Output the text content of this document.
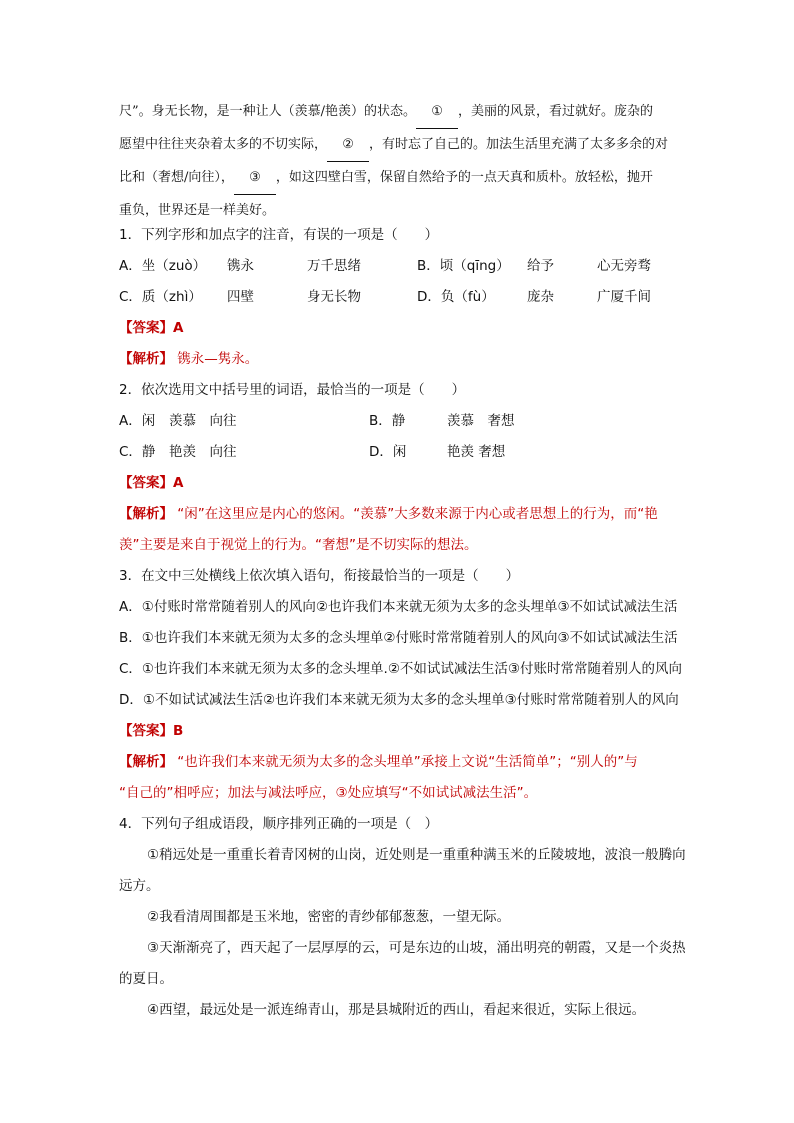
尺”。身无长物，是一种让人（羡慕/艳羡）的状态。 ① ，美丽的风景，看过就好。庞杂的

愿望中往往夹杂着太多的不切实际， ② ，有时忘了自己的。加法生活里充满了太多多余的对

比和（奢想/向往）， ③ ，如这四壁白雪，保留自然给予的一点天真和质朴。放轻松，抛开

重负，世界还是一样美好。

1．下列字形和加点字的注音，有误的一项是（　　）
A．坐（zuò）	镌永	万千思绪	B．顷（qīng）	给予	心无旁骛
C．质（zhì）	四壁	身无长物	D．负（fù）	庞杂	广厦千间
【答案】A
【解析】 镌永—隽永。
2．依次选用文中括号里的词语，最恰当的一项是（　　）
A．闲	羡慕　向往	B．静	羡慕　奢想
C．静	艳羡　向往	D．闲	艳羡 奢想
【答案】A
【解析】 “闲”在这里应是内心的悠闲。“羡慕”大多数来源于内心或者思想上的行为，而“艳
羡”主要是来自于视觉上的行为。“奢想”是不切实际的想法。
3．在文中三处横线上依次填入语句，衔接最恰当的一项是（　　）
A．①付账时常常随着别人的风向②也许我们本来就无须为太多的念头埋单③不如试试减法生活
B．①也许我们本来就无须为太多的念头埋单②付账时常常随着别人的风向③不如试试减法生活
C．①也许我们本来就无须为太多的念头埋单.②不如试试减法生活③付账时常常随着别人的风向
D．①不如试试减法生活②也许我们本来就无须为太多的念头埋单③付账时常常随着别人的风向
【答案】B
【解析】 “也许我们本来就无须为太多的念头埋单”承接上文说“生活简单”；“别人的”与
“自己的”相呼应；加法与减法呼应，③处应填写“不如试试减法生活”。
4．下列句子组成语段，顺序排列正确的一项是（　）
①稍远处是一重重长着青冈树的山岗，近处则是一重重种满玉米的丘陵坡地，波浪一般腾向
远方。
②我看清周围都是玉米地，密密的青纱郁郁葱葱，一望无际。
③天渐渐亮了，西天起了一层厚厚的云，可是东边的山坡，涌出明亮的朝霞，又是一个炎热
的夏日。
④西望，最远处是一派连绵青山，那是县城附近的西山，看起来很近，实际上很远。
